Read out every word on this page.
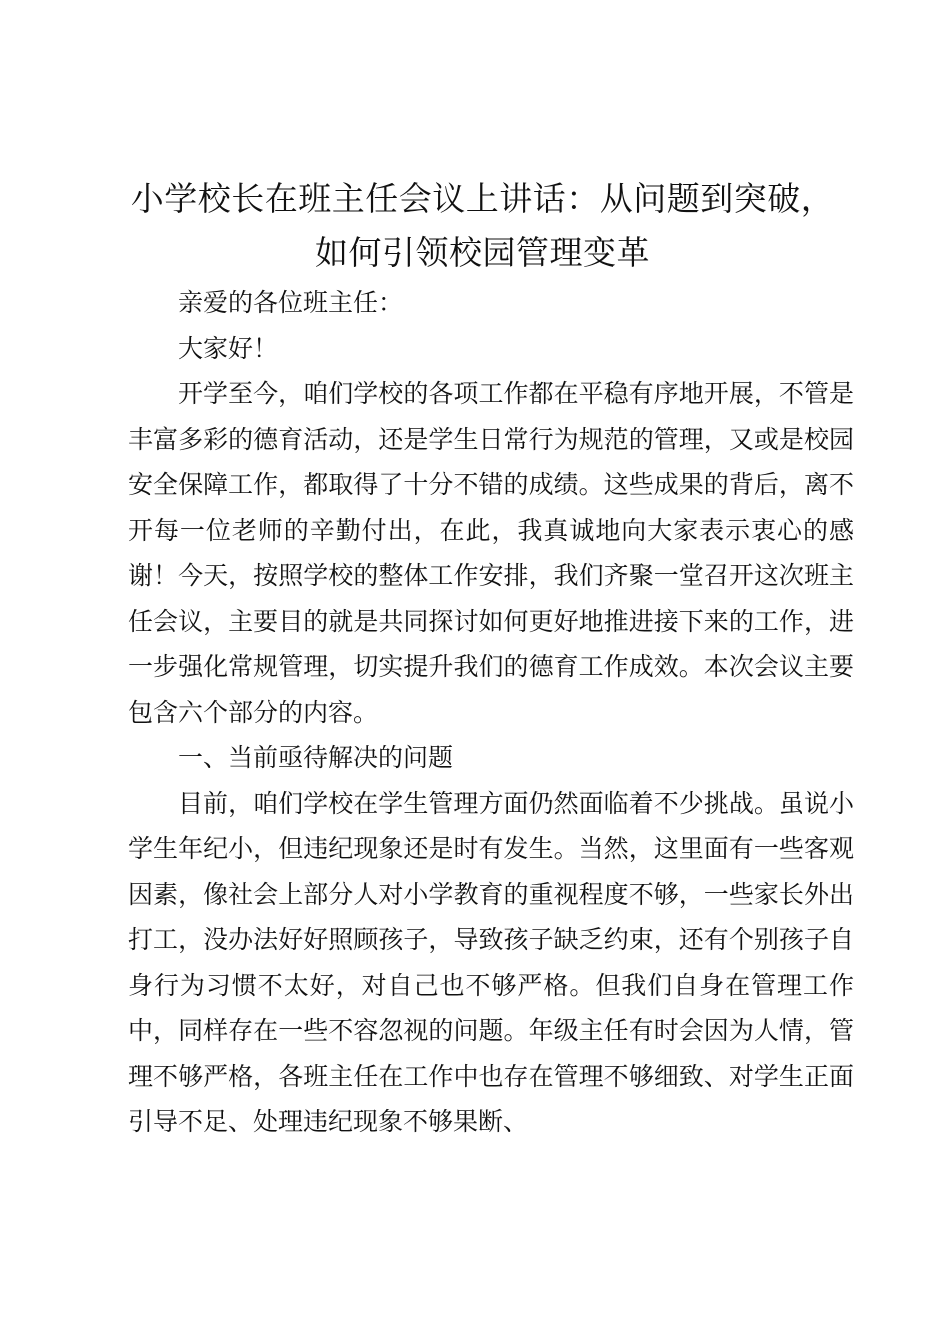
小学校长在班主任会议上讲话：从问题到突破，
如何引领校园管理变革

亲爱的各位班主任：

大家好！

开学至今，咱们学校的各项工作都在平稳有序地开展，不管是丰富多彩的德育活动，还是学生日常行为规范的管理，又或是校园安全保障工作，都取得了十分不错的成绩。这些成果的背后，离不开每一位老师的辛勤付出，在此，我真诚地向大家表示衷心的感谢！今天，按照学校的整体工作安排，我们齐聚一堂召开这次班主任会议，主要目的就是共同探讨如何更好地推进接下来的工作，进一步强化常规管理，切实提升我们的德育工作成效。本次会议主要包含六个部分的内容。

一、当前亟待解决的问题

目前，咱们学校在学生管理方面仍然面临着不少挑战。虽说小学生年纪小，但违纪现象还是时有发生。当然，这里面有一些客观因素，像社会上部分人对小学教育的重视程度不够，一些家长外出打工，没办法好好照顾孩子，导致孩子缺乏约束，还有个别孩子自身行为习惯不太好，对自己也不够严格。但我们自身在管理工作中，同样存在一些不容忽视的问题。年级主任有时会因为人情，管理不够严格，各班主任在工作中也存在管理不够细致、对学生正面引导不足、处理违纪现象不够果断、
